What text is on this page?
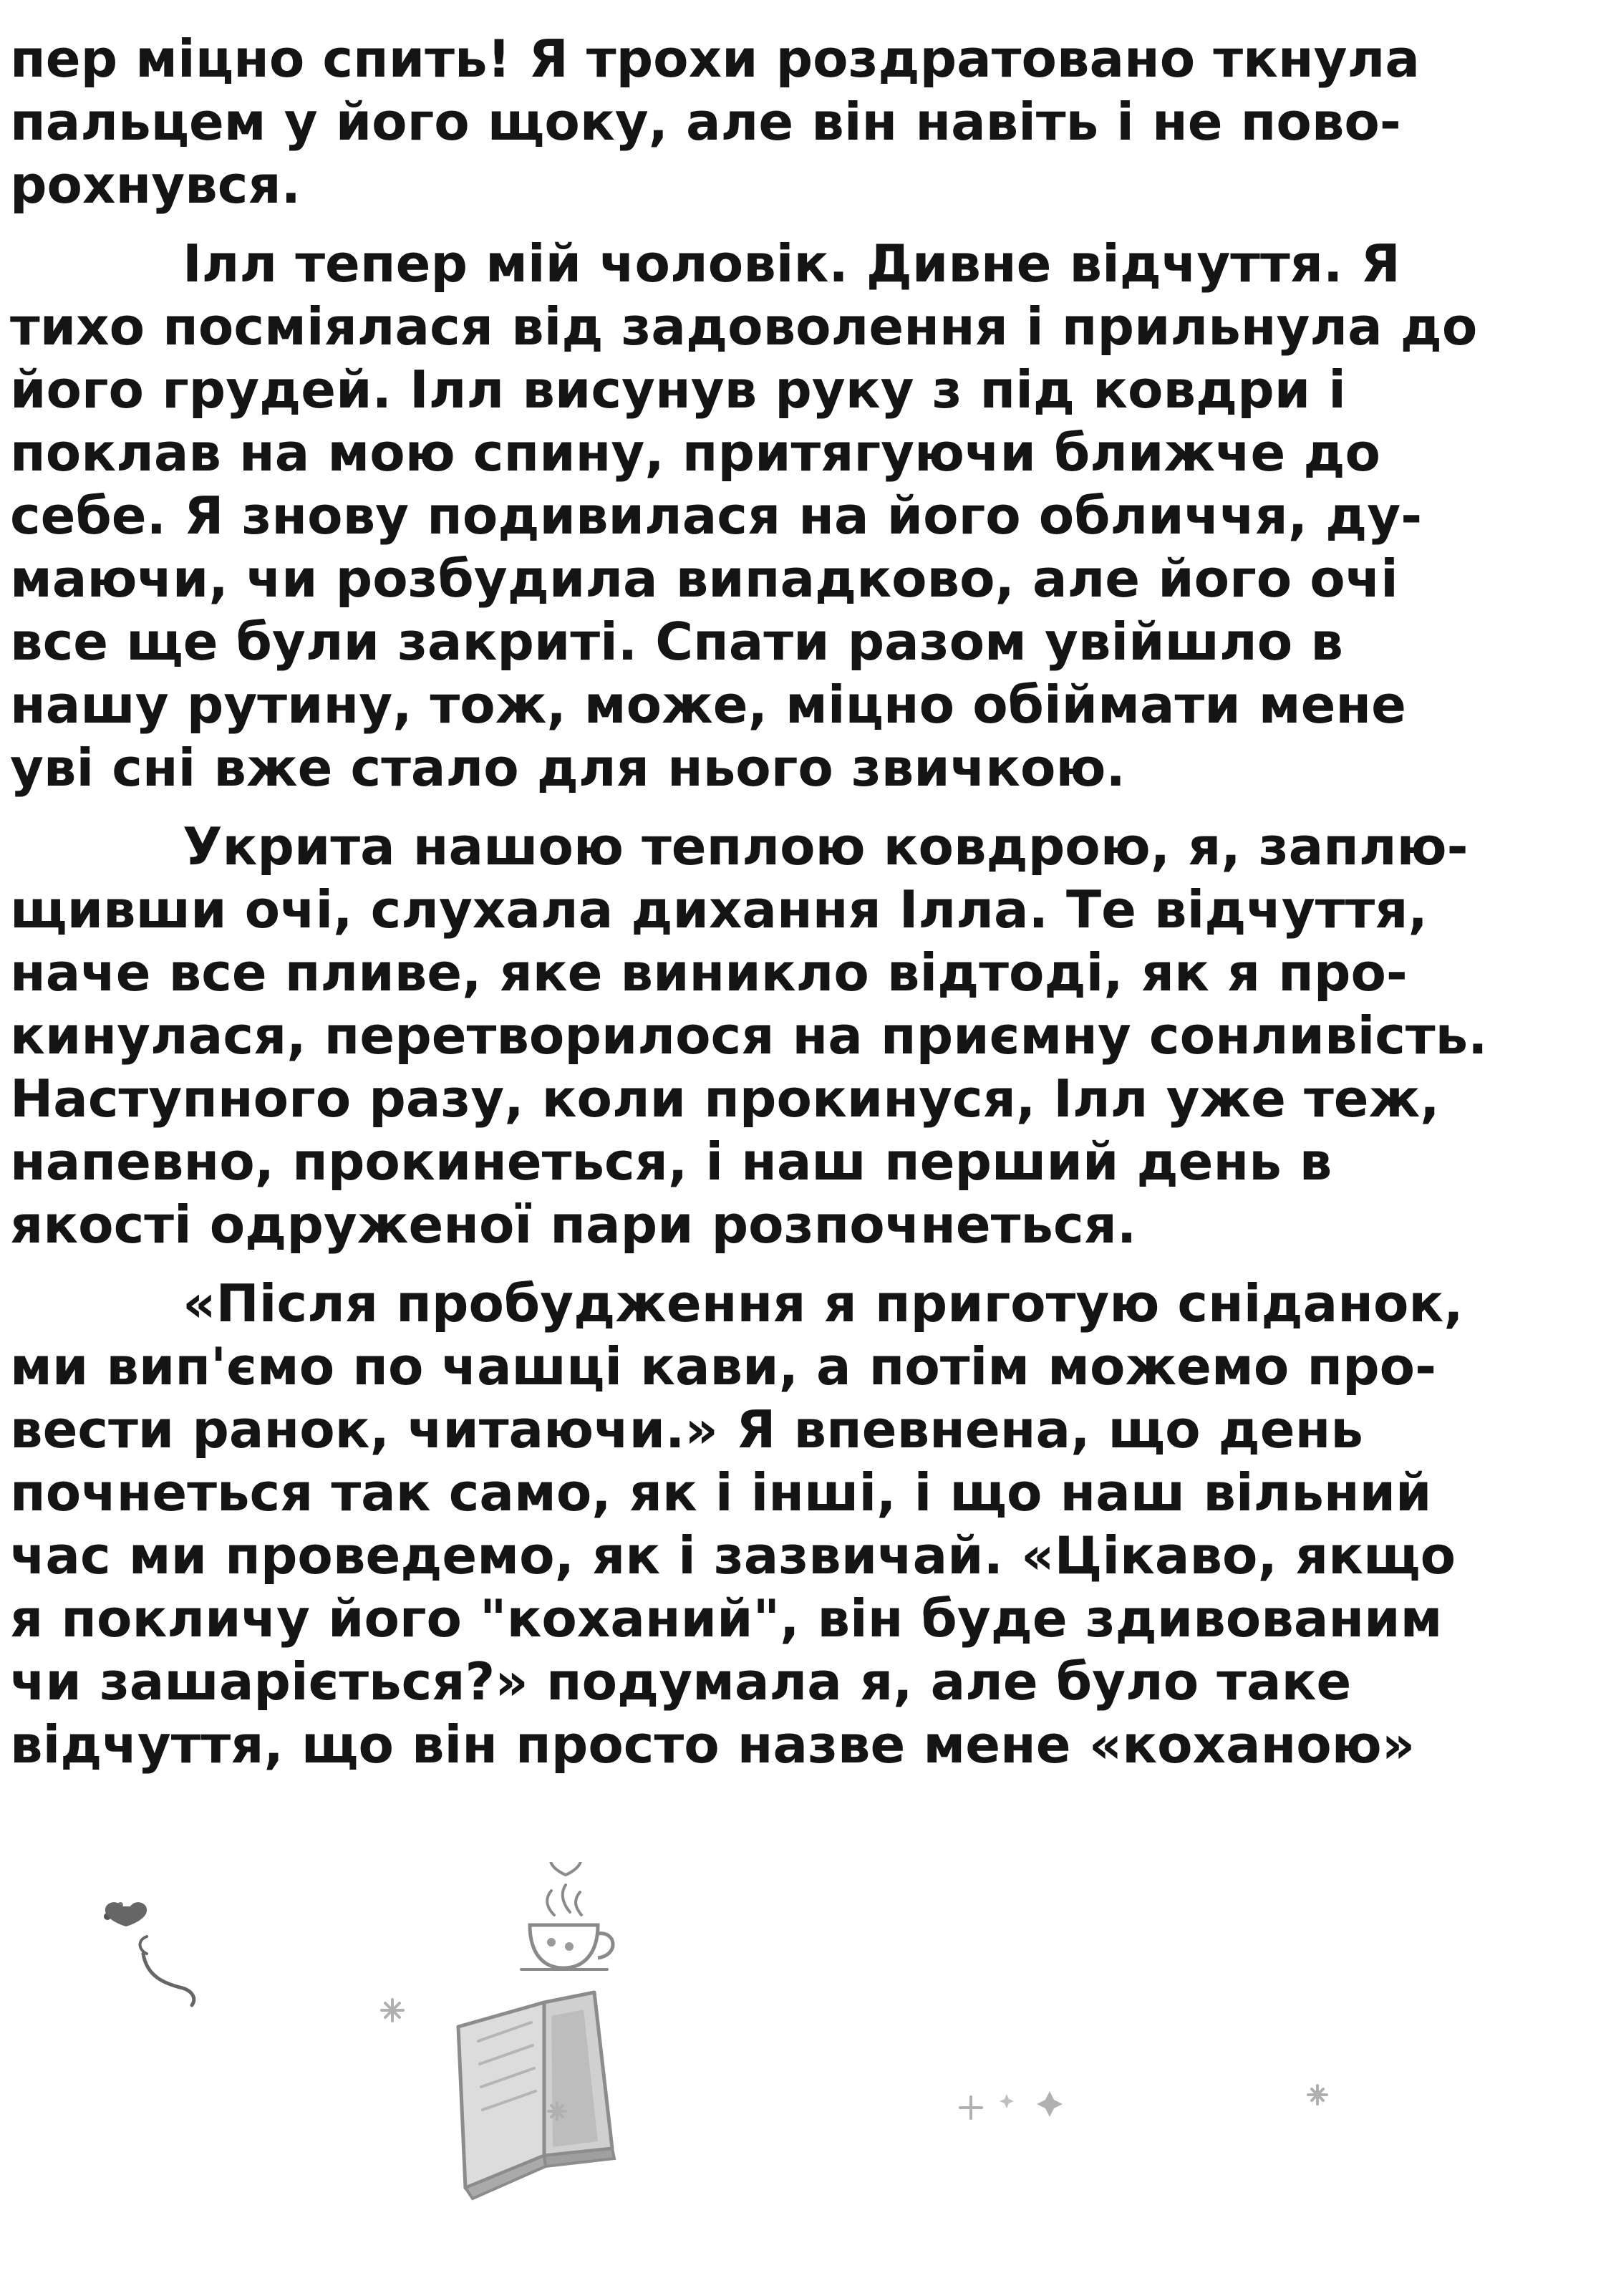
пер міцно спить! Я трохи роздратовано ткнула

пальцем у його щоку, але він навіть і не пово-

рохнувся.

Ілл тепер мій чоловік. Дивне відчуття. Я

тихо посміялася від задоволення і прильнула до

його грудей. Ілл висунув руку з під ковдри і

поклав на мою спину, притягуючи ближче до

себе. Я знову подивилася на його обличчя, ду-

маючи, чи розбудила випадково, але його очі

все ще були закриті. Спати разом увійшло в

нашу рутину, тож, може, міцно обіймати мене

уві сні вже стало для нього звичкою.

Укрита нашою теплою ковдрою, я, заплю-

щивши очі, слухала дихання Ілла. Те відчуття,

наче все пливе, яке виникло відтоді, як я про-

кинулася, перетворилося на приємну сонливість.

Наступного разу, коли прокинуся, Ілл уже теж,

напевно, прокинеться, і наш перший день в

якості одруженої пари розпочнеться.

«Після пробудження я приготую сніданок,

ми вип'ємо по чашці кави, а потім можемо про-

вести ранок, читаючи.» Я впевнена, що день

почнеться так само, як і інші, і що наш вільний

час ми проведемо, як і зазвичай. «Цікаво, якщо

я покличу його "коханий", він буде здивованим

чи зашаріється?» подумала я, але було таке

відчуття, що він просто назве мене «коханою»
